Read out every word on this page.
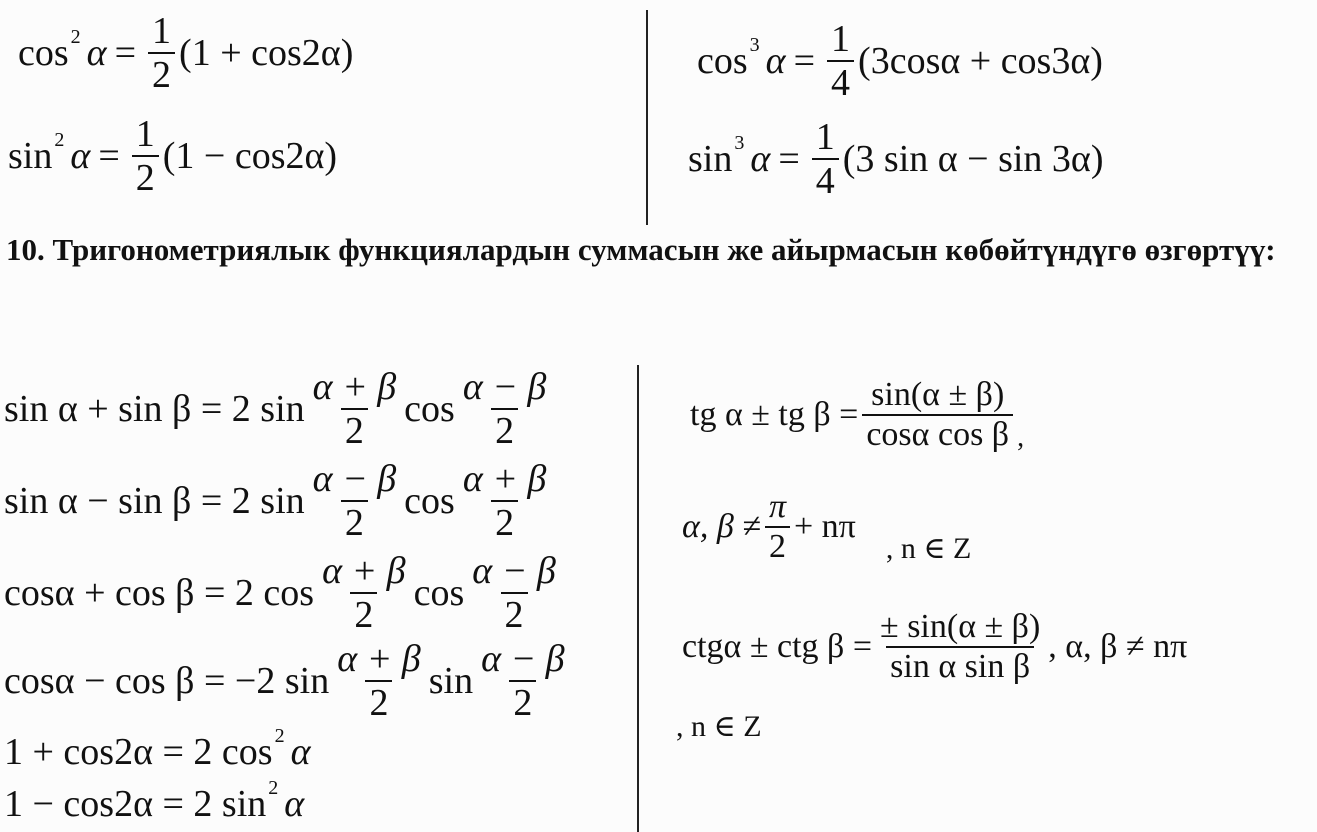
cos 2 $\alpha = \frac{1}{2} (1 + \cos 2\alpha)$
sin 2 $\alpha = \frac{1}{2} (1 - \cos 2\alpha)$
cos 3 $\alpha = \frac{1}{4} (3\cos\alpha + \cos 3\alpha)$
sin 3 $\alpha = \frac{1}{4} (3$ sin α − sin 3α)
10. Тригонометриялык функциялардын суммасын же айырмасын көбөйтүндүгө өзгөртүү:
sin α + sin β = 2 $\sin \frac{\alpha + \beta}{2}$ $\cos \frac{\alpha - \beta}{2}$
sin α − sin β = 2 $\sin \frac{\alpha - \beta}{2}$ $\cos \frac{\alpha + \beta}{2}$
cosα + cos β = 2 $\cos \frac{\alpha + \beta}{2}$ $\cos \frac{\alpha - \beta}{2}$
cosα − cos β = −2 $\sin \frac{\alpha + \beta}{2}$ $\sin \frac{\alpha - \beta}{2}$
1 + cos2α = 2 cos 2 α
1 − cos2α = 2 sin 2 α
tg α ± tg $\beta = \frac{\sin(\alpha \pm \beta)}{\text{cosα cos β}}$ ,
α, $\beta \ne \frac{\pi}{2} + n\pi$
, n ∈ Z
ctgα ± ctg $\beta = \frac{\pm \sin(\alpha \pm \beta)}{\text{sin α sin β}}$ , α, β ≠ nπ
, n ∈ Z
